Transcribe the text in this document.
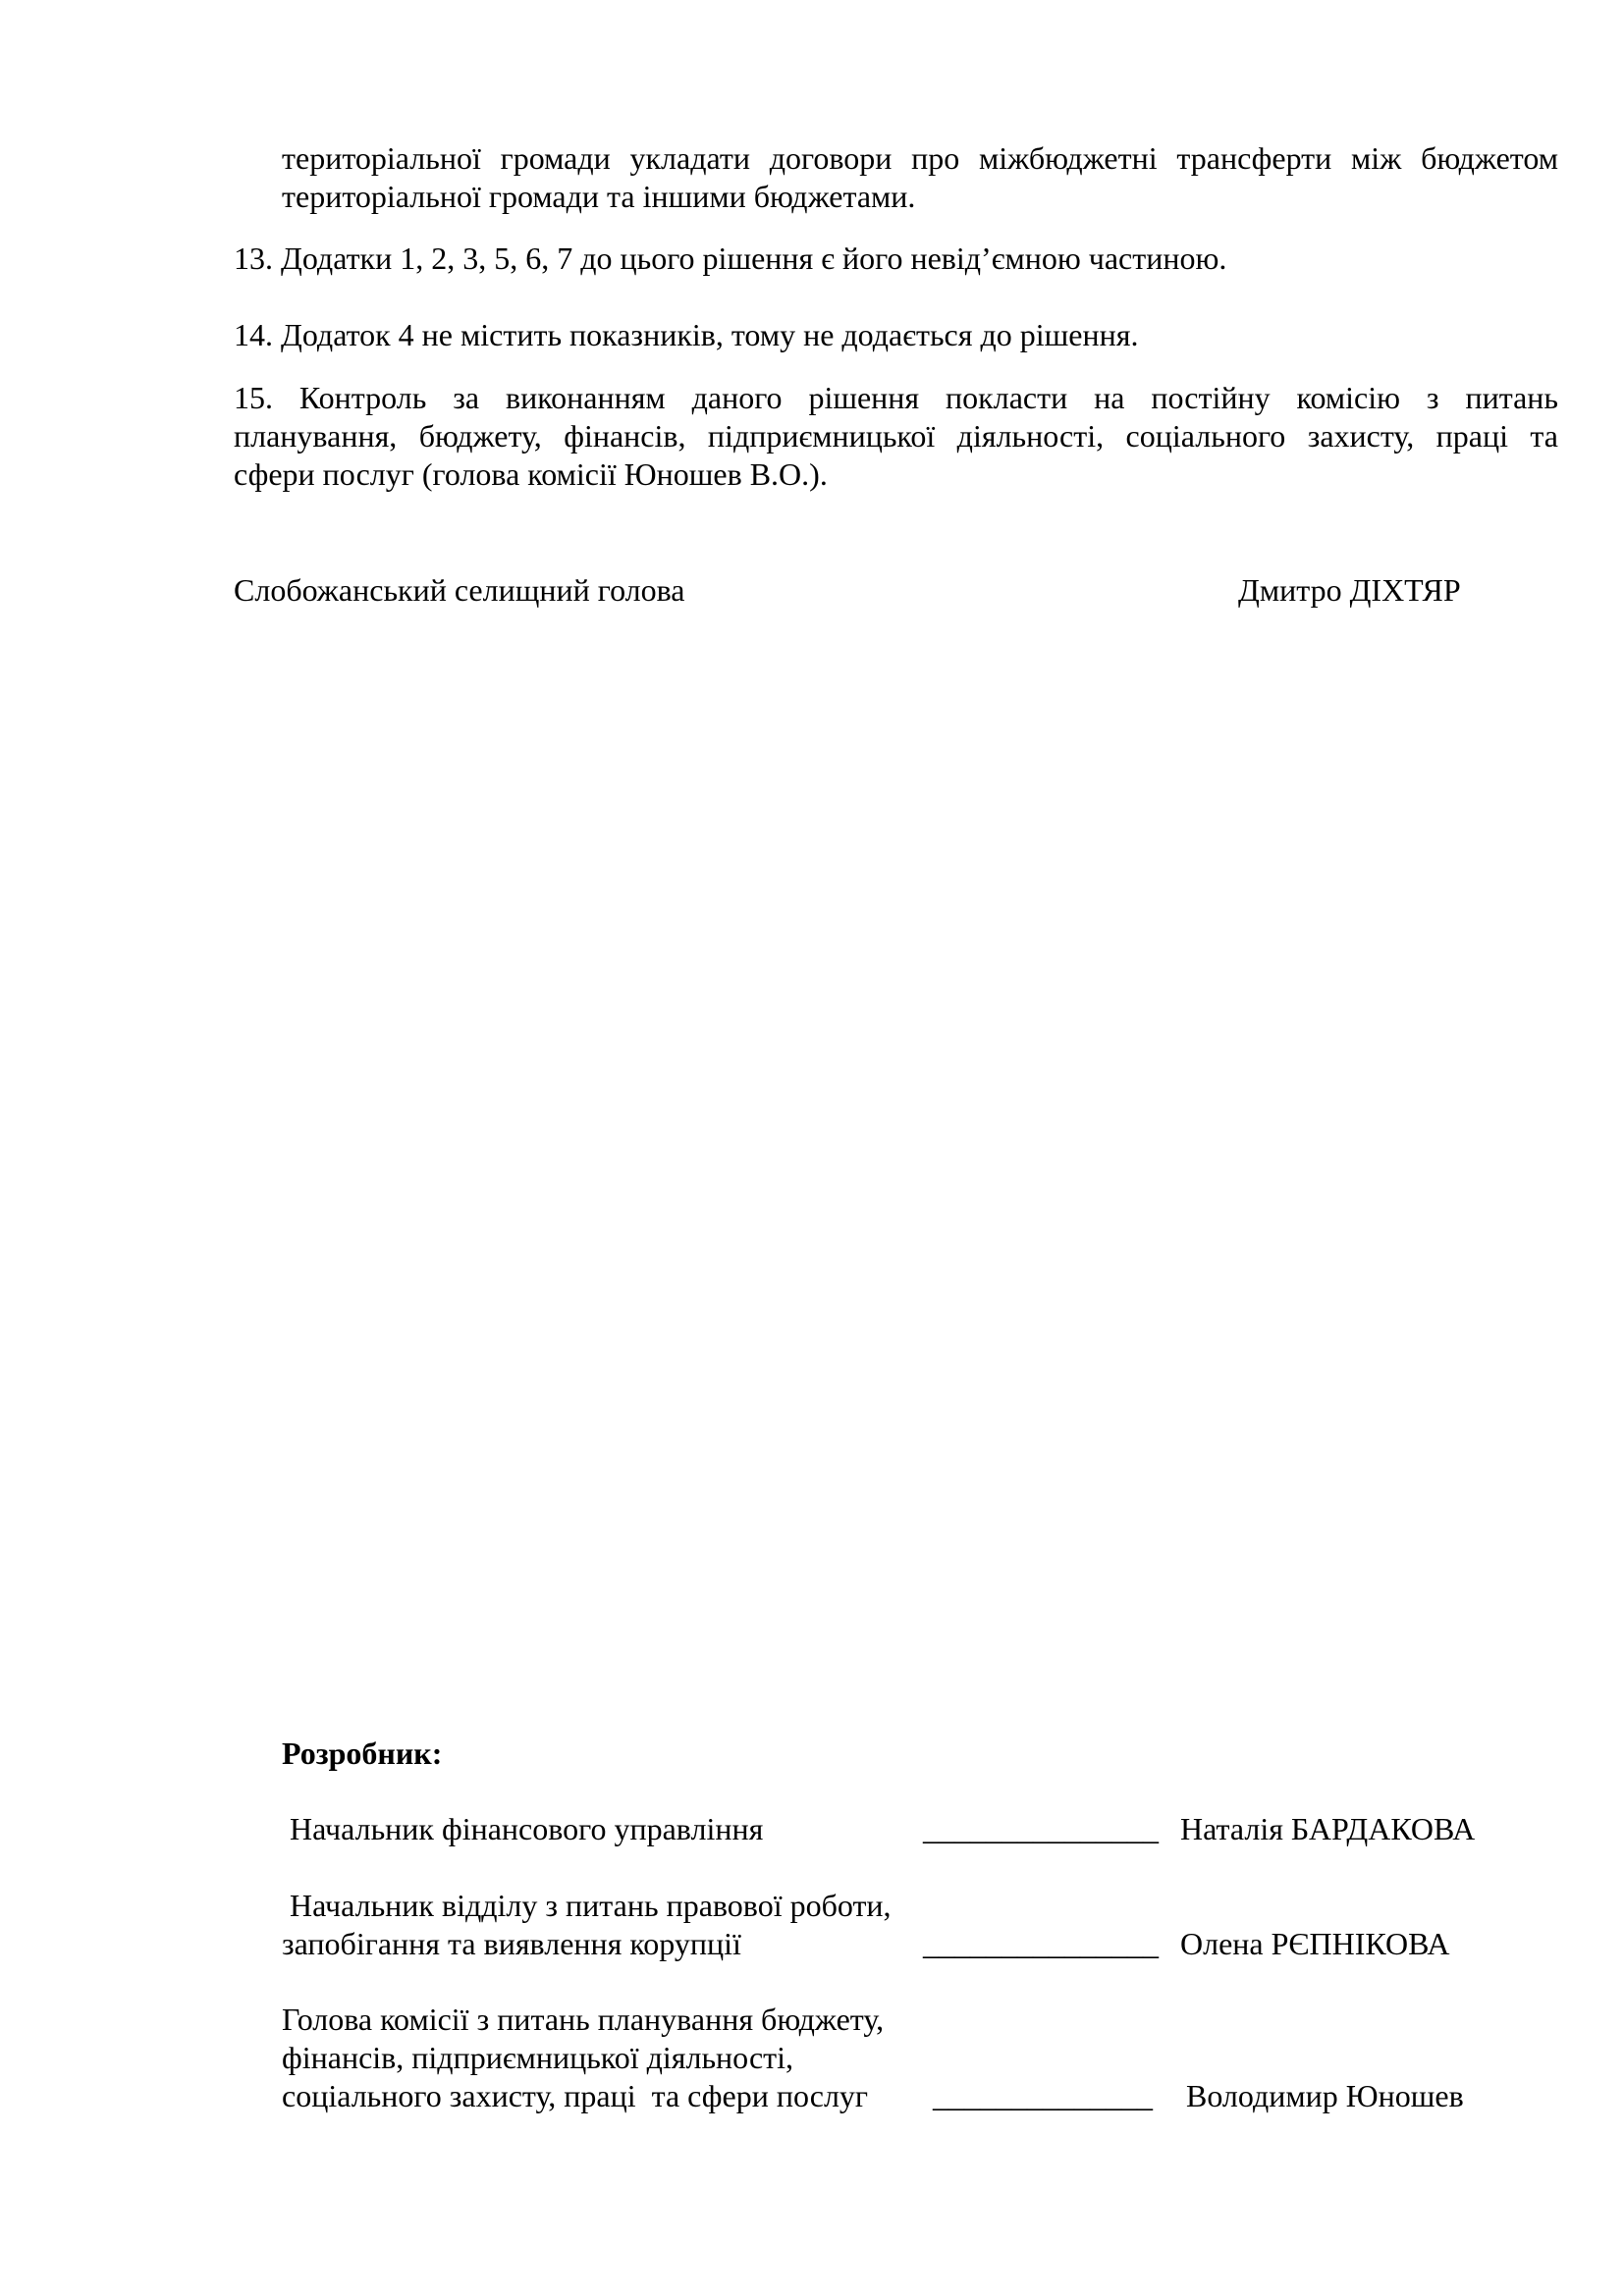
територіальної громади укладати договори про міжбюджетні трансферти між бюджетом
територіальної громади та іншими бюджетами.
13. Додатки 1, 2, 3, 5, 6, 7 до цього рішення є його невід’ємною частиною.
14. Додаток 4 не містить показників, тому не додається до рішення.
15. Контроль за виконанням даного рішення покласти на постійну комісію з питань
планування, бюджету, фінансів, підприємницької діяльності, соціального захисту, праці та
сфери послуг (голова комісії Юношев В.О.).
Слобожанський селищний голова	Дмитро ДІХТЯР
Розробник:
Начальник фінансового управління	_______________ Наталія БАРДАКОВА
Начальник відділу з питань правової роботи,
запобігання та виявлення корупції	_______________ Олена РЄПНІКОВА
Голова комісії з питань планування бюджету,
фінансів, підприємницької діяльності,
соціального захисту, праці  та сфери послуг ______________ Володимир Юношев
